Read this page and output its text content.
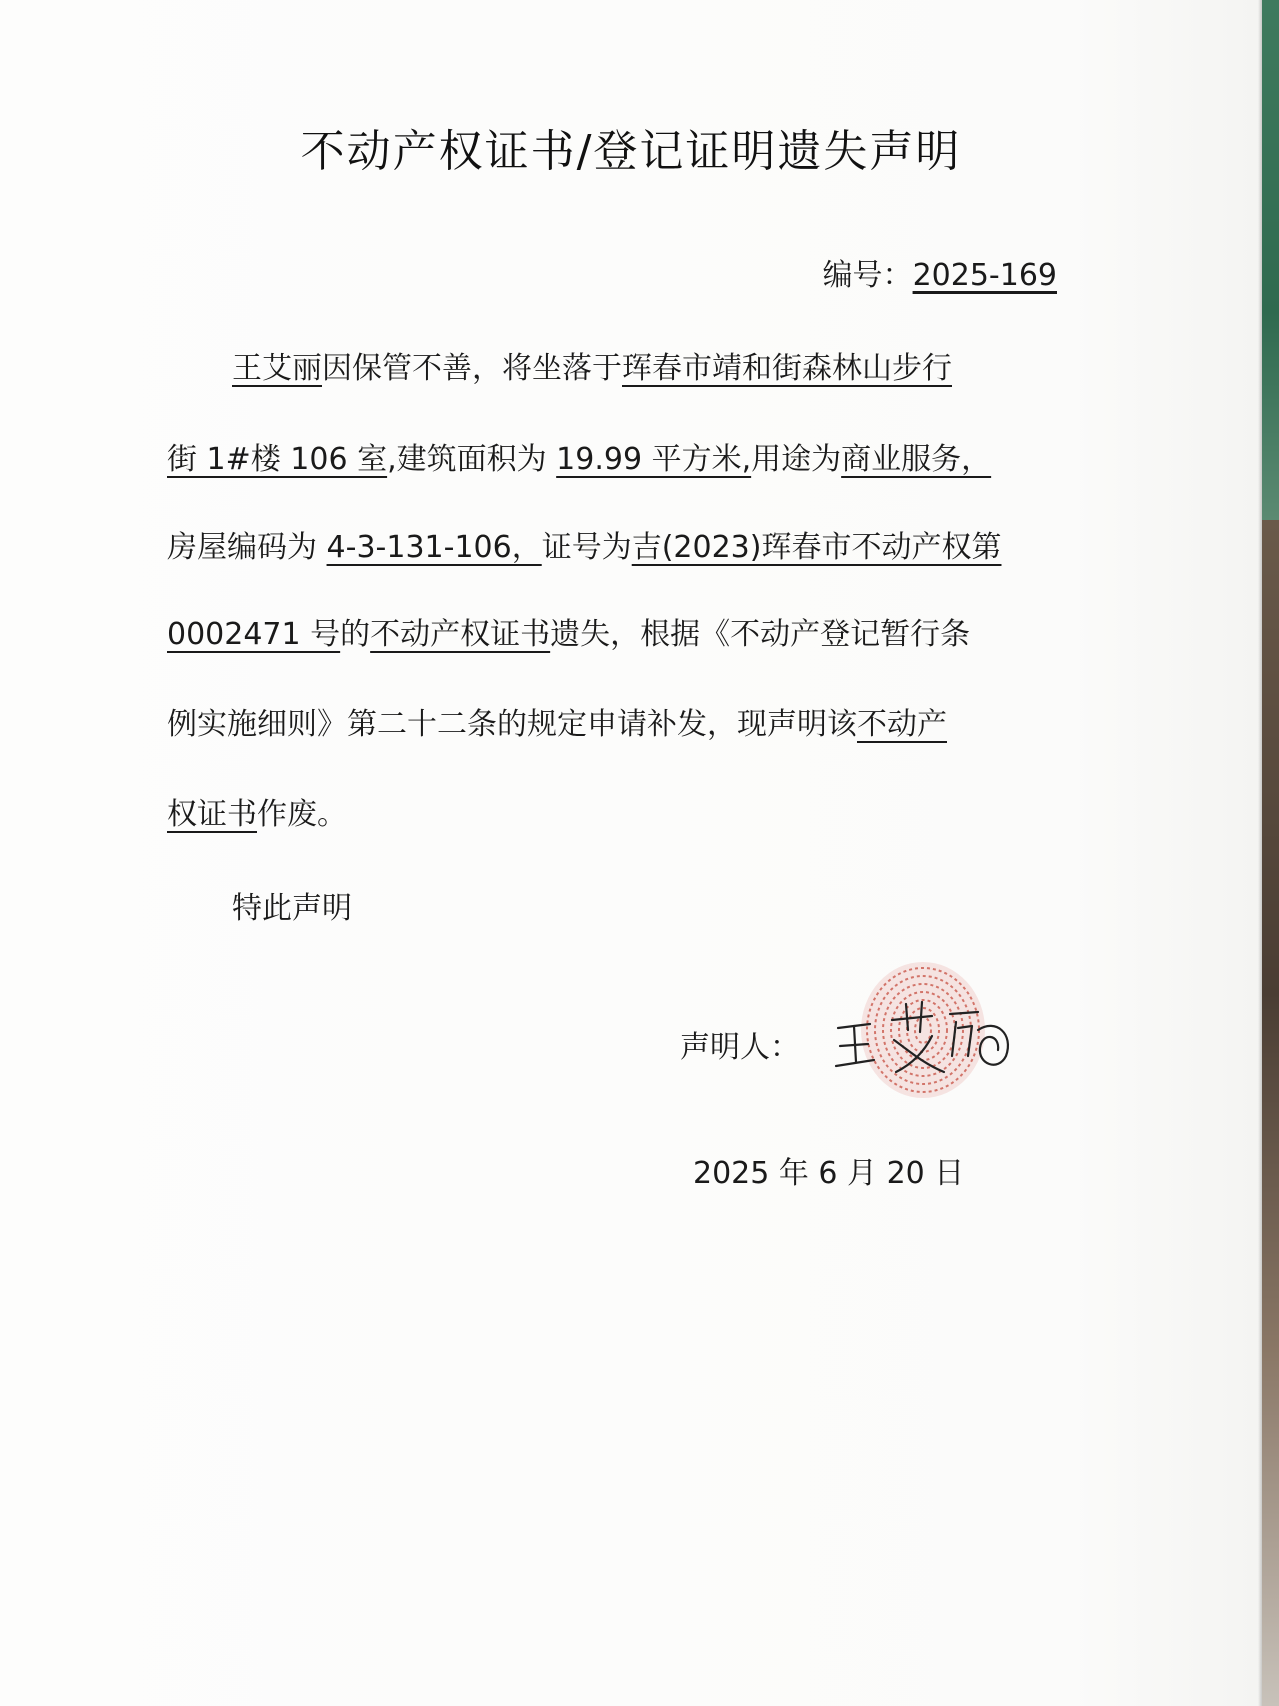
不动产权证书/登记证明遗失声明
编号：2025-169
王艾丽因保管不善，将坐落于珲春市靖和街森林山步行
街 1#楼 106 室,建筑面积为 19.99 平方米,用途为商业服务，
房屋编码为 4-3-131-106，证号为吉(2023)珲春市不动产权第
0002471 号的不动产权证书遗失，根据《不动产登记暂行条
例实施细则》第二十二条的规定申请补发，现声明该不动产
权证书作废。
特此声明
声明人：
2025 年 6 月 20 日
